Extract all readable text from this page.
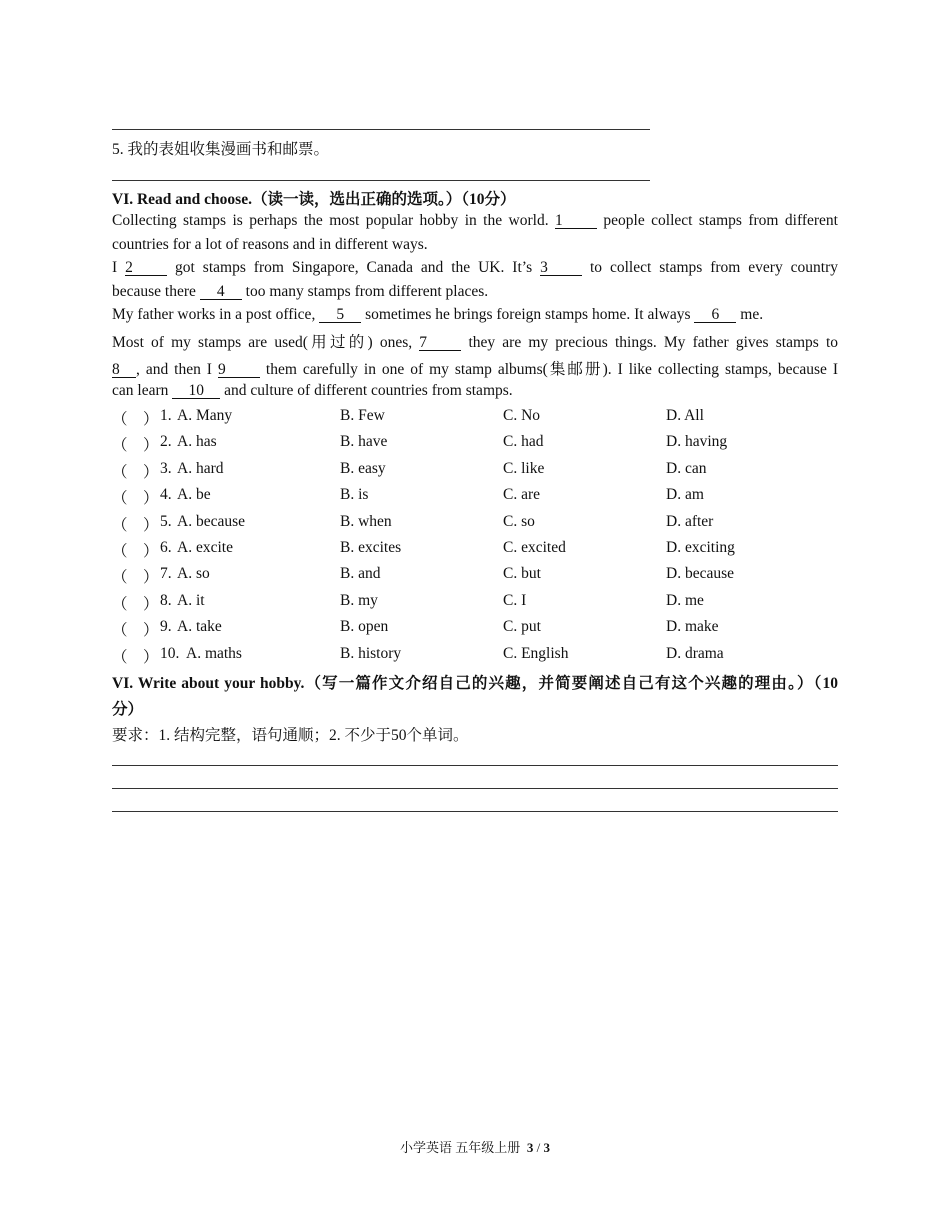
5. 我的表姐收集漫画书和邮票。
VI. Read and choose.（读一读，选出正确的选项。）（10分）
Collecting stamps is perhaps the most popular hobby in the world. 1	people collect stamps from different
countries for a lot of reasons and in different ways.
I 2	got stamps from Singapore, Canada and the UK. It’s 3	to collect stamps from every country
because there 4 too many stamps from different places.
My father works in a post office, 5 sometimes he brings foreign stamps home. It always 6 me.
Most of my stamps are used(用过的) ones, 7	they are my precious things. My father gives stamps to
8 , and then I 9	them carefully in one of my stamp albums(集邮册). I like collecting stamps, because I
can learn 10 and culture of different countries from stamps.
（　） 1. A. Many	B. Few	C. No	D. All
（　） 2. A. has	B. have	C. had	D. having
（　） 3. A. hard	B. easy	C. like	D. can
（　） 4. A. be	B. is	C. are	D. am
（　） 5. A. because	B. when	C. so	D. after
（　） 6. A. excite	B. excites	C. excited	D. exciting
（　） 7. A. so	B. and	C. but	D. because
（　） 8. A. it	B. my	C. I	D. me
（　） 9. A. take	B. open	C. put	D. make
（　） 10. A. maths	B. history	C. English	D. drama
VI. Write about your hobby.（写一篇作文介绍自己的兴趣，并简要阐述自己有这个兴趣的理由。）（10
分）
要求：1. 结构完整，语句通顺；2. 不少于50个单词。
小学英语 五年级上册 3 / 3
